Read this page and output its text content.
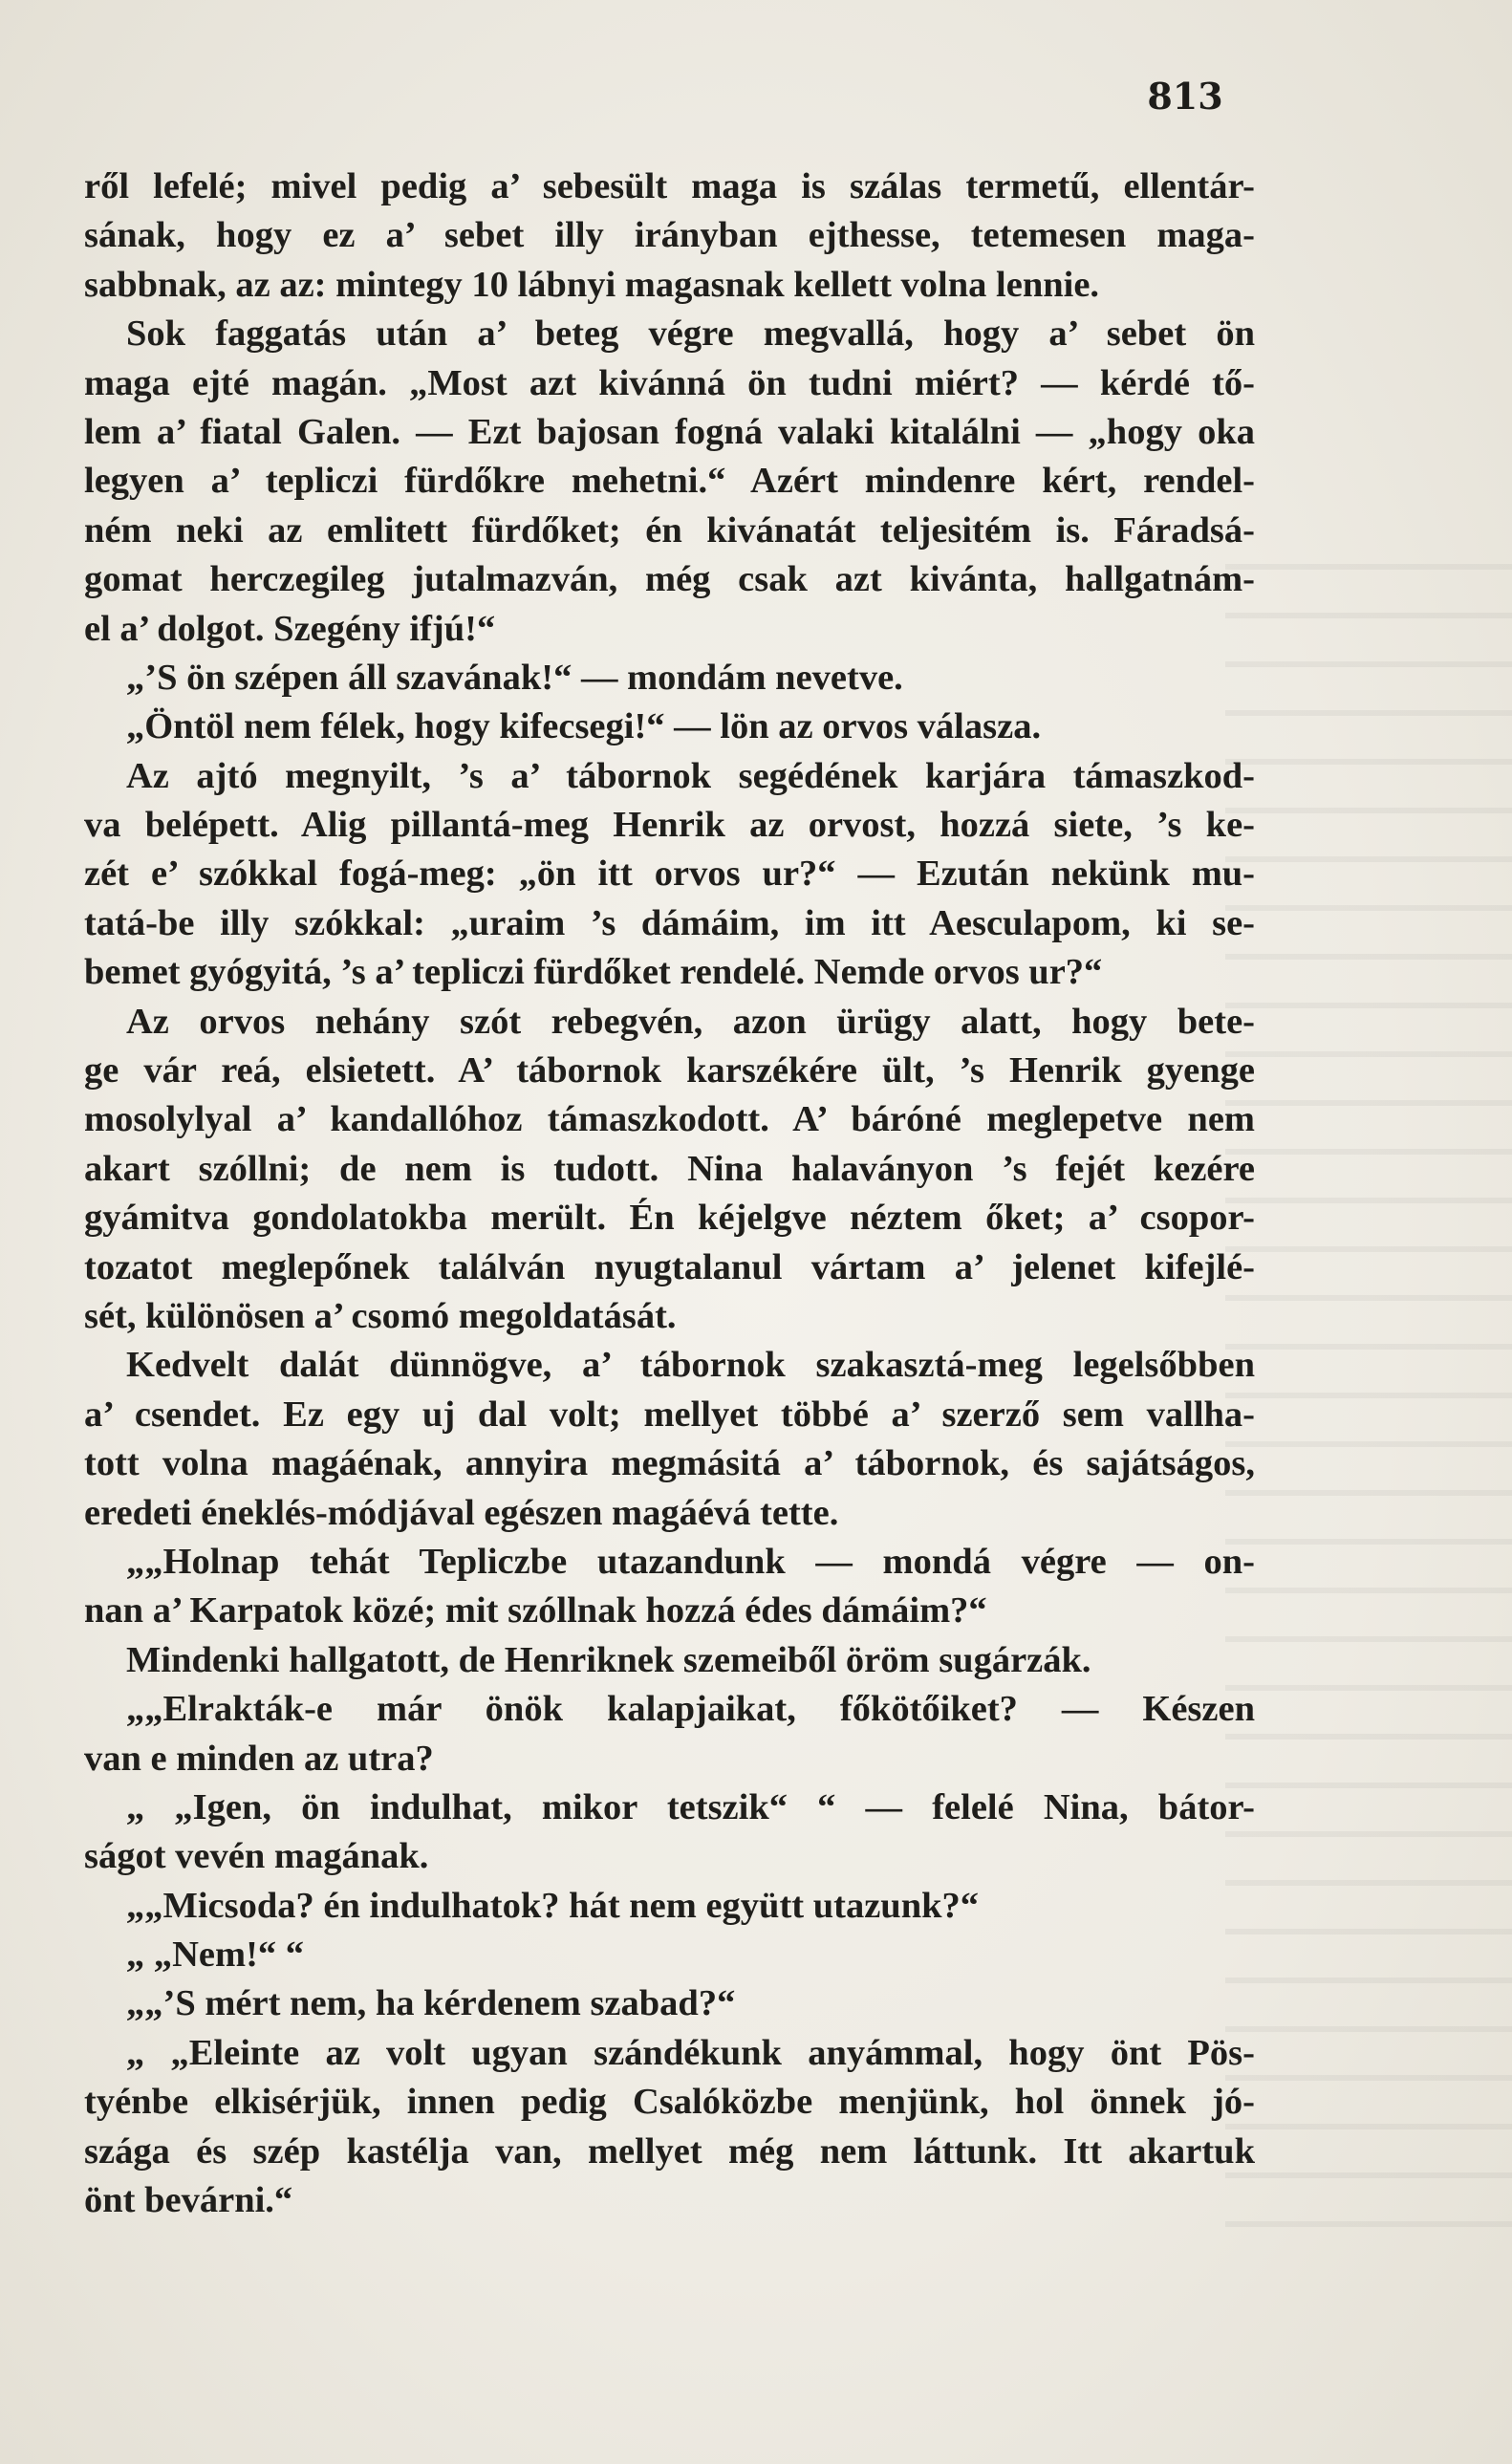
813
ről lefelé; mivel pedig a’ sebesült maga is szálas termetű, ellentár-
sának, hogy ez a’ sebet illy irányban ejthesse, tetemesen maga-
sabbnak, az az: mintegy 10 lábnyi magasnak kellett volna lennie.
Sok faggatás után a’ beteg végre megvallá, hogy a’ sebet ön
maga ejté magán. „Most azt kivánná ön tudni miért? — kérdé tő-
lem a’ fiatal Galen. — Ezt bajosan fogná valaki kitalálni — „hogy oka
legyen a’ tepliczi fürdőkre mehetni.“ Azért mindenre kért, rendel-
ném neki az emlitett fürdőket; én kivánatát teljesitém is. Fáradsá-
gomat herczegileg jutalmazván, még csak azt kivánta, hallgatnám-
el a’ dolgot. Szegény ifjú!“
„’S ön szépen áll szavának!“ — mondám nevetve.
„Öntöl nem félek, hogy kifecsegi!“ — lön az orvos válasza.
Az ajtó megnyilt, ’s a’ tábornok segédének karjára támaszkod-
va belépett. Alig pillantá-meg Henrik az orvost, hozzá siete, ’s ke-
zét e’ szókkal fogá-meg: „ön itt orvos ur?“ — Ezután nekünk mu-
tatá-be illy szókkal: „uraim ’s dámáim, im itt Aesculapom, ki se-
bemet gyógyitá, ’s a’ tepliczi fürdőket rendelé. Nemde orvos ur?“
Az orvos nehány szót rebegvén, azon ürügy alatt, hogy bete-
ge vár reá, elsietett. A’ tábornok karszékére ült, ’s Henrik gyenge
mosolylyal a’ kandallóhoz támaszkodott. A’ báróné meglepetve nem
akart szóllni; de nem is tudott. Nina halaványon ’s fejét kezére
gyámitva gondolatokba merült. Én kéjelgve néztem őket; a’ csopor-
tozatot meglepőnek találván nyugtalanul vártam a’ jelenet kifejlé-
sét, különösen a’ csomó megoldatását.
Kedvelt dalát dünnögve, a’ tábornok szakasztá-meg legelsőbben
a’ csendet. Ez egy uj dal volt; mellyet többé a’ szerző sem vallha-
tott volna magáénak, annyira megmásitá a’ tábornok, és sajátságos,
eredeti éneklés-módjával egészen magáévá tette.
„„Holnap tehát Tepliczbe utazandunk — mondá végre — on-
nan a’ Karpatok közé; mit szóllnak hozzá édes dámáim?“
Mindenki hallgatott, de Henriknek szemeiből öröm sugárzák.
„„Elrakták-e már önök kalapjaikat, főkötőiket? — Készen
van e minden az utra?
„ „Igen, ön indulhat, mikor tetszik“ “ — felelé Nina, bátor-
ságot vevén magának.
„„Micsoda? én indulhatok? hát nem együtt utazunk?“
„ „Nem!“ “
„„’S mért nem, ha kérdenem szabad?“
„ „Eleinte az volt ugyan szándékunk anyámmal, hogy önt Pös-
tyénbe elkisérjük, innen pedig Csalóközbe menjünk, hol önnek jó-
szága és szép kastélja van, mellyet még nem láttunk. Itt akartuk
önt bevárni.“
